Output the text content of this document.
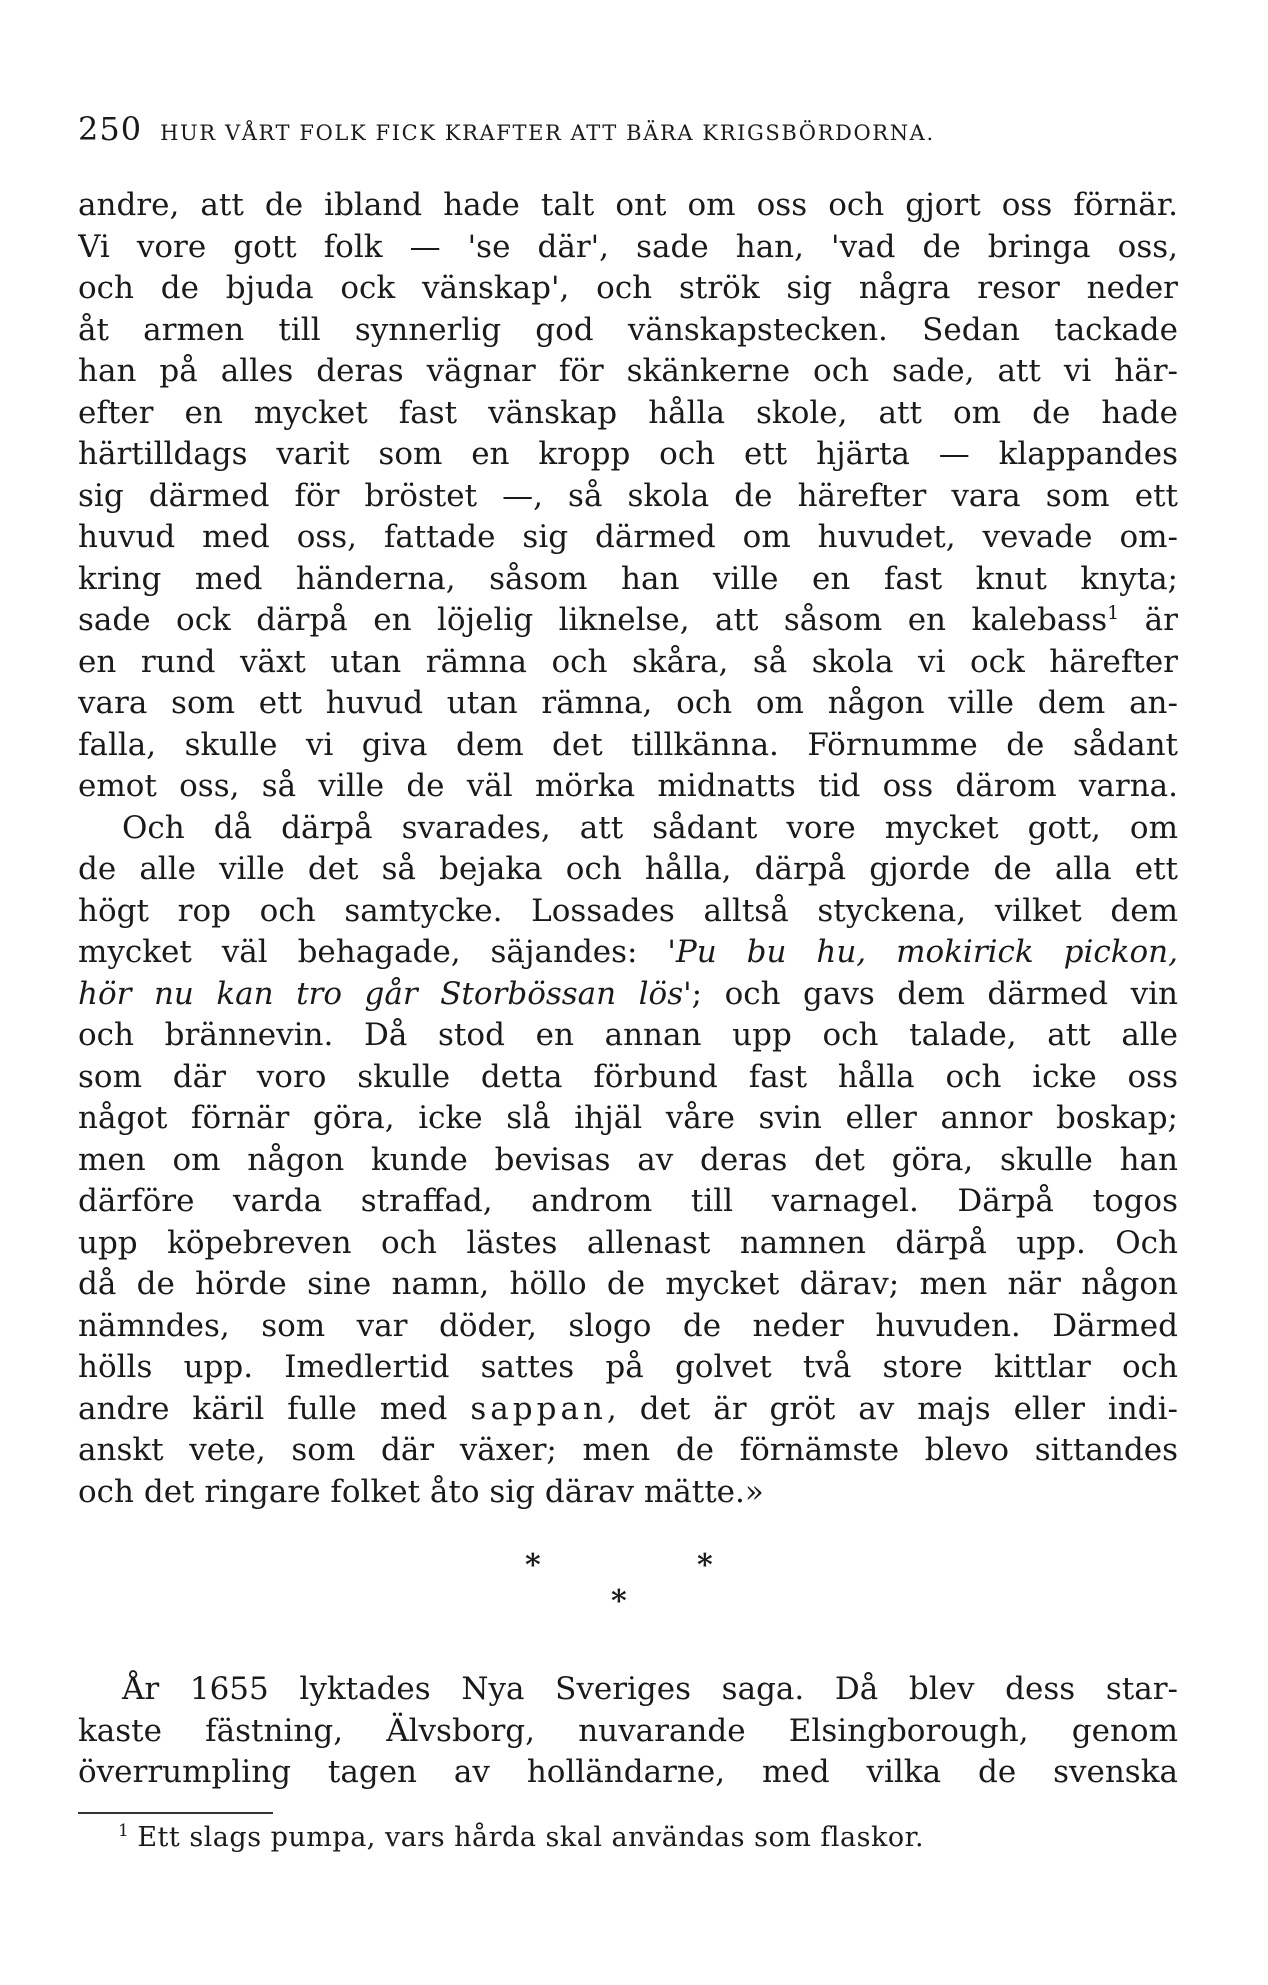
250 HUR VÅRT FOLK FICK KRAFTER ATT BÄRA KRIGSBÖRDORNA.
andre, att de ibland hade talt ont om oss och gjort oss förnär.
Vi vore gott folk — 'se där', sade han, 'vad de bringa oss,
och de bjuda ock vänskap', och strök sig några resor neder
åt armen till synnerlig god vänskapstecken. Sedan tackade
han på alles deras vägnar för skänkerne och sade, att vi här-
efter en mycket fast vänskap hålla skole, att om de hade
härtilldags varit som en kropp och ett hjärta — klappandes
sig därmed för bröstet —, så skola de härefter vara som ett
huvud med oss, fattade sig därmed om huvudet, vevade om-
kring med händerna, såsom han ville en fast knut knyta;
sade ock därpå en löjelig liknelse, att såsom en kalebass$^1$ är
en rund växt utan rämna och skåra, så skola vi ock härefter
vara som ett huvud utan rämna, och om någon ville dem an-
falla, skulle vi giva dem det tillkänna. Förnumme de sådant
emot oss, så ville de väl mörka midnatts tid oss därom varna.
Och då därpå svarades, att sådant vore mycket gott, om
de alle ville det så bejaka och hålla, därpå gjorde de alla ett
högt rop och samtycke. Lossades alltså styckena, vilket dem
mycket väl behagade, säjandes: 'Pu bu hu, mokirick pickon,
hör nu kan tro går Storbössan lös'; och gavs dem därmed vin
och brännevin. Då stod en annan upp och talade, att alle
som där voro skulle detta förbund fast hålla och icke oss
något förnär göra, icke slå ihjäl våre svin eller annor boskap;
men om någon kunde bevisas av deras det göra, skulle han
därföre varda straffad, androm till varnagel. Därpå togos
upp köpebreven och lästes allenast namnen därpå upp. Och
då de hörde sine namn, höllo de mycket därav; men när någon
nämndes, som var döder, slogo de neder huvuden. Därmed
hölls upp. Imedlertid sattes på golvet två store kittlar och
andre käril fulle med sappan, det är gröt av majs eller indi-
anskt vete, som där växer; men de förnämste blevo sittandes
och det ringare folket åto sig därav mätte.»
*	*
*
År 1655 lyktades Nya Sveriges saga. Då blev dess star-
kaste fästning, Älvsborg, nuvarande Elsingborough, genom
överrumpling tagen av holländarne, med vilka de svenska
$^1$ Ett slags pumpa, vars hårda skal användas som flaskor.
